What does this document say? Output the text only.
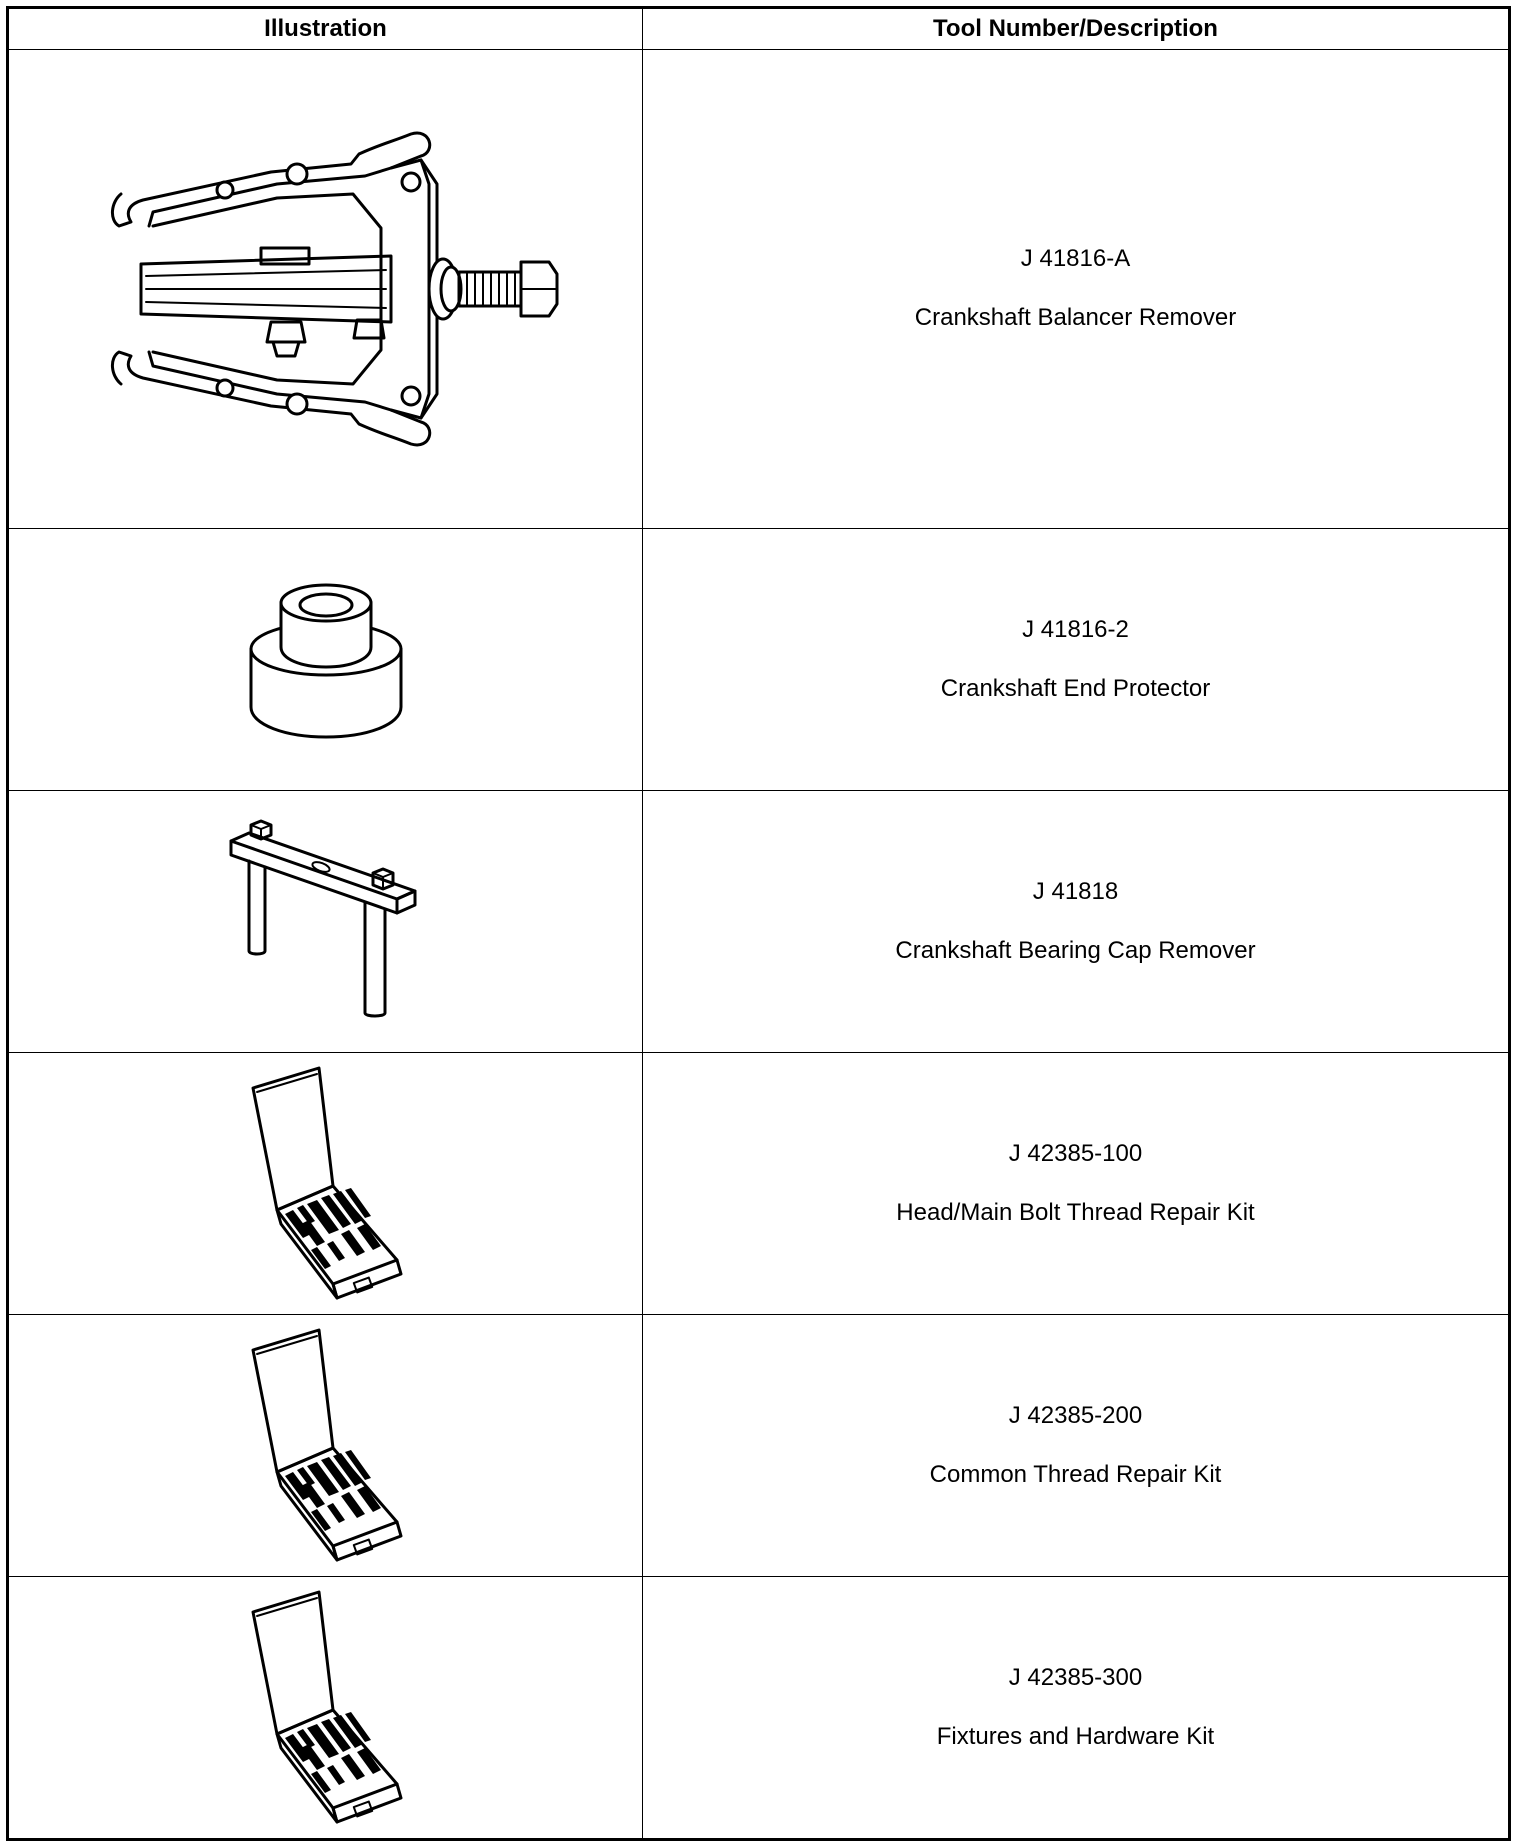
Illustration	Tool Number/Description

J 41816-A
Crankshaft Balancer Remover

J 41816-2
Crankshaft End Protector

J 41818
Crankshaft Bearing Cap Remover

J 42385-100
Head/Main Bolt Thread Repair Kit

J 42385-200
Common Thread Repair Kit

J 42385-300
Fixtures and Hardware Kit
